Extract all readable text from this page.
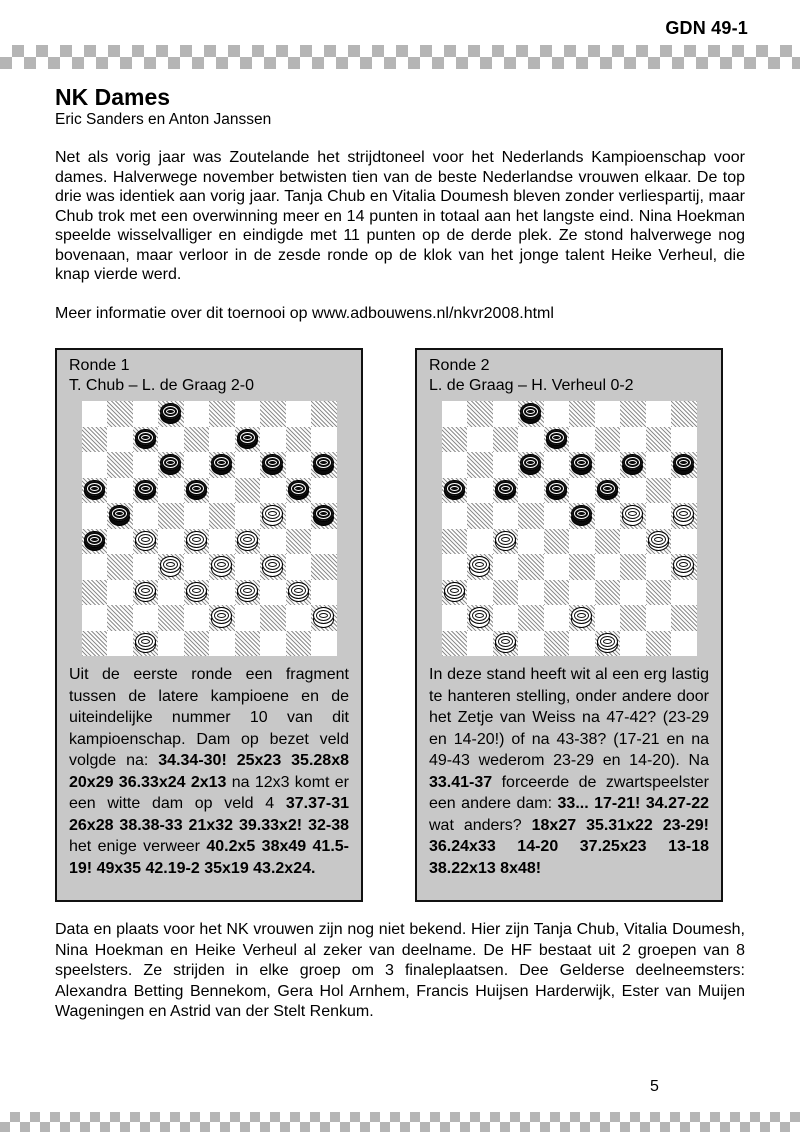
GDN 49-1
NK Dames
Eric Sanders en Anton Janssen
Net als vorig jaar was Zoutelande het strijdtoneel voor het Nederlands Kampioenschap voor dames. Halverwege november betwisten tien van de beste Nederlandse vrouwen elkaar. De top drie was identiek aan vorig jaar. Tanja Chub en Vitalia Doumesh bleven zonder verliespartij, maar Chub trok met een overwinning meer en 14 punten in totaal aan het langste eind. Nina Hoekman speelde wisselvalliger en eindigde met 11 punten op de derde plek. Ze stond halverwege nog bovenaan, maar verloor in de zesde ronde op de klok van het jonge talent Heike Verheul, die knap vierde werd.
Meer informatie over dit toernooi op www.adbouwens.nl/nkvr2008.html
Ronde 1
T. Chub – L. de Graag 2-0
Uit de eerste ronde een fragment tussen de latere kampioene en de uiteindelijke nummer 10 van dit kampioenschap. Dam op bezet veld volgde na: 34.34-30! 25x23 35.28x8 20x29 36.33x24 2x13 na 12x3 komt er een witte dam op veld 4 37.37-31 26x28 38.38-33 21x32 39.33x2! 32-38 het enige verweer 40.2x5 38x49 41.5-19! 49x35 42.19-2 35x19 43.2x24.
Ronde 2
L. de Graag – H. Verheul 0-2
In deze stand heeft wit al een erg lastig te hanteren stelling, onder andere door het Zetje van Weiss na 47-42? (23-29 en 14-20!) of na 43-38? (17-21 en na 49-43 wederom 23-29 en 14-20). Na 33.41-37 forceerde de zwartspeelster een andere dam: 33... 17-21! 34.27-22 wat anders? 18x27 35.31x22 23-29! 36.24x33 14-20 37.25x23 13-18 38.22x13 8x48!
Data en plaats voor het NK vrouwen zijn nog niet bekend. Hier zijn Tanja Chub, Vitalia Doumesh, Nina Hoekman en Heike Verheul al zeker van deelname. De HF bestaat uit 2 groepen van 8 speelsters. Ze strijden in elke groep om 3 finaleplaatsen. Dee Gelderse deelneemsters: Alexandra Betting Bennekom, Gera Hol Arnhem, Francis Huijsen Harderwijk, Ester van Muijen Wageningen en Astrid van der Stelt Renkum.
5
